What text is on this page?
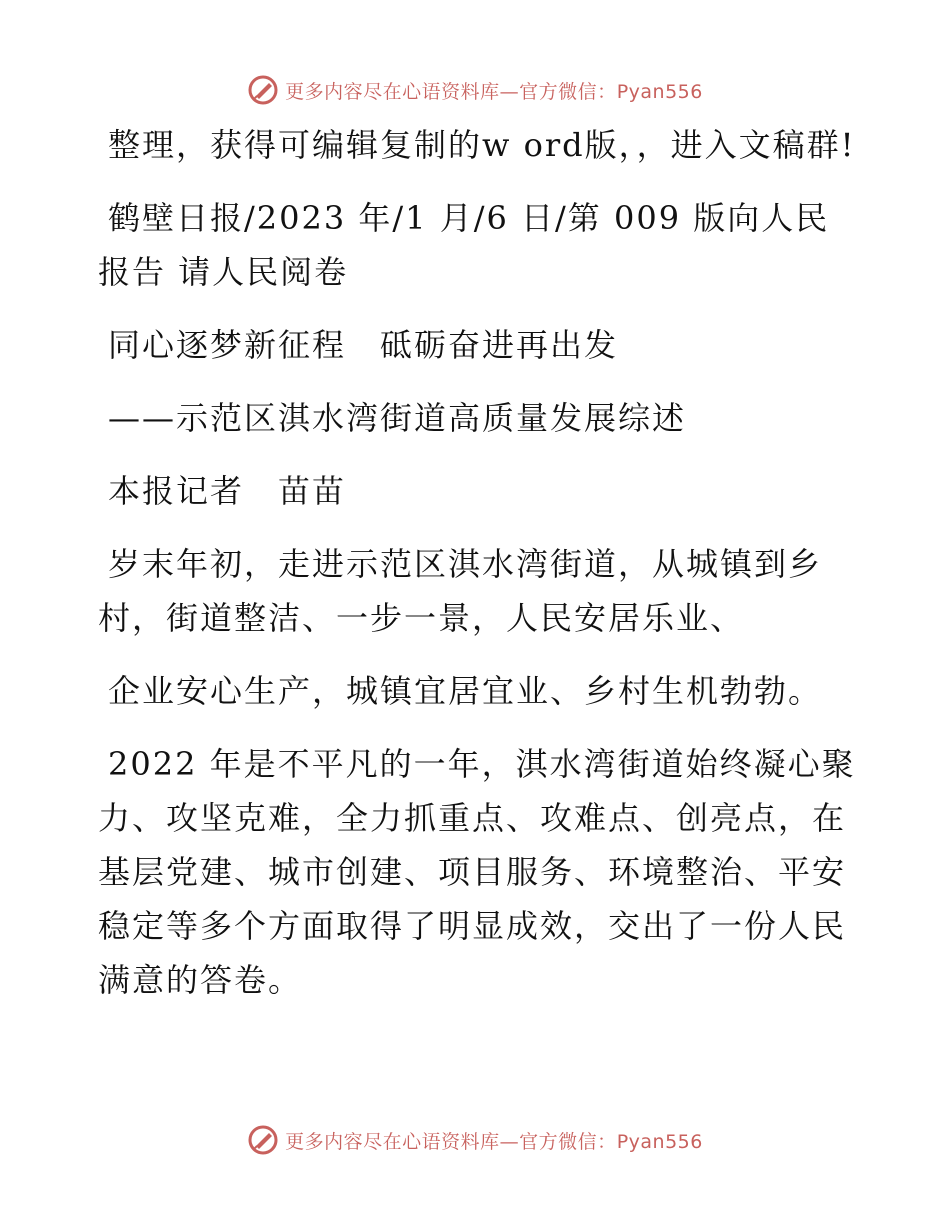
更多内容尽在心语资料库—官方微信：Pyan556

整理，获得可编辑复制的w ord版，，进入文稿群!

鹤壁日报/2023 年/1 月/6 日/第 009 版向人民报告 请人民阅卷

同心逐梦新征程　砥砺奋进再出发

——示范区淇水湾街道高质量发展综述

本报记者　苗苗

岁末年初，走进示范区淇水湾街道，从城镇到乡村，街道整洁、一步一景，人民安居乐业、

企业安心生产，城镇宜居宜业、乡村生机勃勃。

2022 年是不平凡的一年，淇水湾街道始终凝心聚力、攻坚克难，全力抓重点、攻难点、创亮点，在基层党建、城市创建、项目服务、环境整治、平安稳定等多个方面取得了明显成效，交出了一份人民满意的答卷。

更多内容尽在心语资料库—官方微信：Pyan556
